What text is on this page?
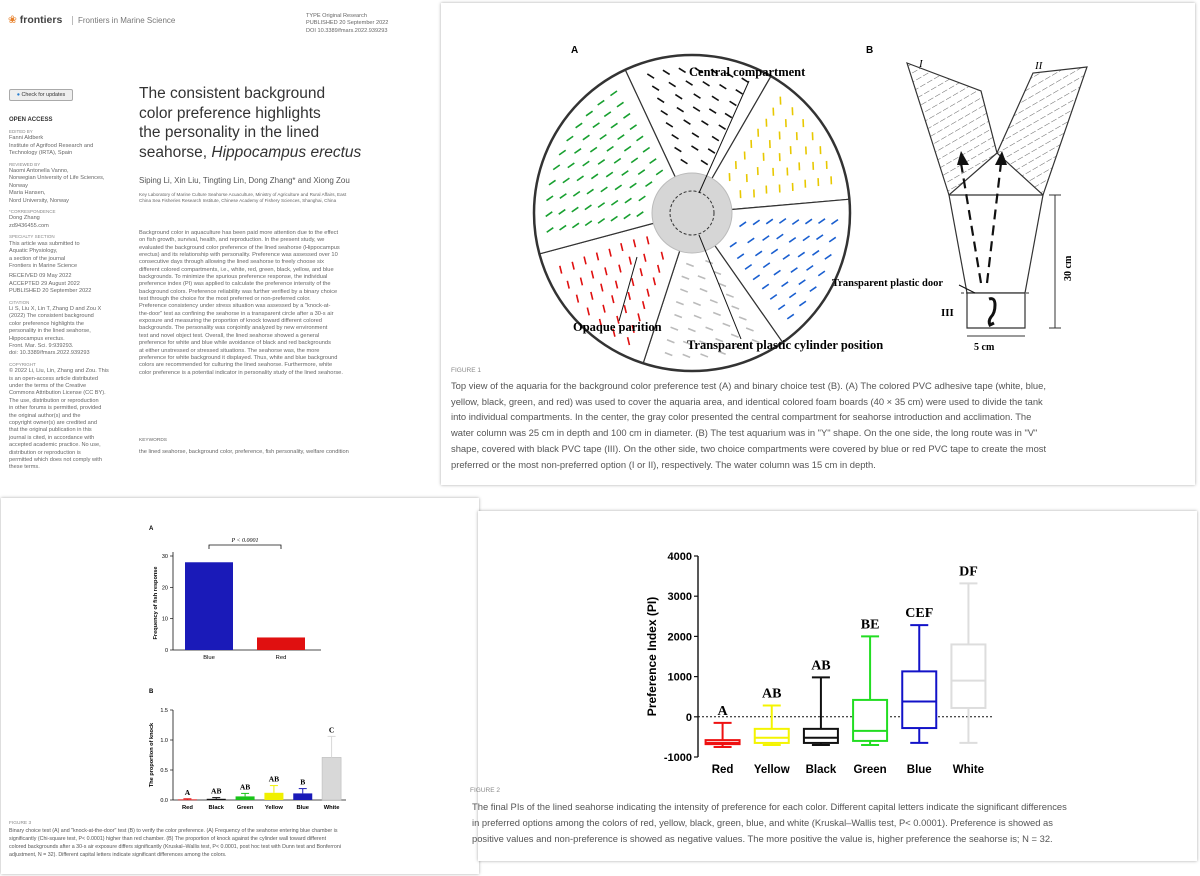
❀ frontiers	Frontiers in Marine Science	TYPE Original Research

PUBLISHED 20 September 2022

DOI 10.3389/fmars.2022.939293

● Check for updates
OPEN ACCESS
EDITED BY
Fanni Aldberk
Institute of Agrifood Research and
Technology (IRTA), Spain
REVIEWED BY
Naomi Antonella Vanno,
Norwegian University of Life Sciences,
Norway
Maria Hansen,
Nord University, Norway
*CORRESPONDENCE
Dong Zhang
zd9436455.com
SPECIALTY SECTION
This article was submitted to
Aquatic Physiology,
a section of the journal
Frontiers in Marine Science
RECEIVED 09 May 2022
ACCEPTED 29 August 2022
PUBLISHED 20 September 2022
CITATION
Li S, Liu X, Lin T, Zhang D and Zou X
(2022) The consistent background
color preference highlights the
personality in the lined seahorse,
Hippocampus erectus.
Front. Mar. Sci. 9:939293.
doi: 10.3389/fmars.2022.939293
COPYRIGHT
© 2022 Li, Liu, Lin, Zhang and Zou. This
is an open-access article distributed
under the terms of the Creative
Commons Attribution License (CC BY).
The use, distribution or reproduction
in other forums is permitted, provided
the original author(s) and the
copyright owner(s) are credited and
that the original publication in this
journal is cited, in accordance with
accepted academic practice. No use,
distribution or reproduction is
permitted which does not comply with
these terms.
The consistent background
color preference highlights
the personality in the lined
seahorse, Hippocampus erectus
Siping Li, Xin Liu, Tingting Lin, Dong Zhang* and Xiong Zou

Key Laboratory of Marine Culture Seahorse Acuaculture, Ministry of Agriculture and Rural Affairs, East

China Sea Fisheries Research Institute, Chinese Academy of Fishery Sciences, Shanghai, China

Background color in aquaculture has been paid more attention due to the effect
on fish growth, survival, health, and reproduction. In the present study, we
evaluated the background color preference of the lined seahorse (Hippocampus
erectus) and its relationship with personality. Preference was assessed over 10
consecutive days through allowing the lined seahorse to freely choose six
different colored compartments, i.e., white, red, green, black, yellow, and blue
backgrounds. To minimize the spurious preference response, the individual
preference index (PI) was applied to calculate the preference intensity of the
background colors. Preference reliability was further verified by a binary choice
test through the choice for the most preferred or non-preferred color.
Preference consistency under stress situation was assessed by a "knock-at-
the-door" test as confining the seahorse in a transparent circle after a 30-s air
exposure and measuring the proportion of knock toward different colored
backgrounds. The personality was conjointly analyzed by new environment
test and novel object test. Overall, the lined seahorse showed a general
preference for white and blue while avoidance of black and red backgrounds
at either unstressed or stressed situations. The seahorse was, the more
preference for white background it displayed. Thus, white and blue background
colors are recommended for culturing the lined seahorse. Furthermore, white
color preference is a potential indicator in personality study of the lined seahorse.
KEYWORDS
the lined seahorse, background color, preference, fish personality, welfare condition
A	B
Central compartment
Opaque parition
Transparent plastic cylinder position
I	II
III
Transparent plastic door
30 cm
5 cm
FIGURE 1
Top view of the aquaria for the background color preference test (A) and binary choice test (B). (A) The colored PVC adhesive tape (white, blue,
yellow, black, green, and red) was used to cover the aquaria area, and identical colored foam boards (40 × 35 cm) were used to divide the tank
into individual compartments. In the center, the gray color presented the central compartment for seahorse introduction and acclimation. The
water column was 25 cm in depth and 100 cm in diameter. (B) The test aquarium was in "Y" shape. On the one side, the long route was in "V"
shape, covered with black PVC tape (III). On the other side, two choice compartments were covered by blue or red PVC tape to create the most
preferred or the most non-preferred option (I or II), respectively. The water column was 15 cm in depth.
A
B
0
10
20
30
Frequency of fish response
Blue	Red
P < 0.0001
0.0
0.5
1.0
1.5
The proportion of knock
A
Red
AB
Black
AB
Green
AB
Yellow
B
Blue
C
White
FIGURE 3
Binary choice test (A) and "knock-at-the-door" test (B) to verify the color preference. (A) Frequency of the seahorse entering blue chamber is
significantly (Chi-square test, P< 0.0001) higher than red chamber. (B) The proportion of knock against the cylinder wall toward different
colored backgrounds after a 30-s air exposure differs significantly (Kruskal–Wallis test, P< 0.0001, post hoc test with Dunn test and Bonferroni
adjustment, N = 32). Different capital letters indicate significant differences among the colors.
-1000
0
1000
2000
3000
4000
Preference Index (PI)	A
Red
AB
Yellow
AB
Black
BE
Green
CEF
Blue
DF
White
FIGURE 2
The final PIs of the lined seahorse indicating the intensity of preference for each color. Different capital letters indicate the significant differences
in preferred options among the colors of red, yellow, black, green, blue, and white (Kruskal–Wallis test, P< 0.0001). Preference is showed as
positive values and non-preference is showed as negative values. The more positive the value is, higher preference the seahorse is; N = 32.
